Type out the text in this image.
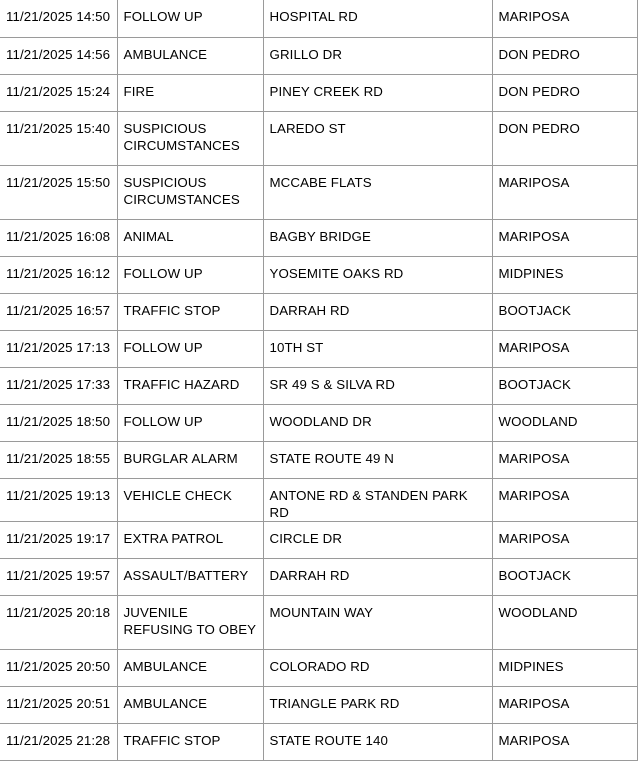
11/21/2025 14:50	FOLLOW UP	HOSPITAL RD	MARIPOSA
11/21/2025 14:56	AMBULANCE	GRILLO DR	DON PEDRO
11/21/2025 15:24	FIRE	PINEY CREEK RD	DON PEDRO
11/21/2025 15:40	SUSPICIOUS CIRCUMSTANCES	LAREDO ST	DON PEDRO
11/21/2025 15:50	SUSPICIOUS CIRCUMSTANCES	MCCABE FLATS	MARIPOSA
11/21/2025 16:08	ANIMAL	BAGBY BRIDGE	MARIPOSA
11/21/2025 16:12	FOLLOW UP	YOSEMITE OAKS RD	MIDPINES
11/21/2025 16:57	TRAFFIC STOP	DARRAH RD	BOOTJACK
11/21/2025 17:13	FOLLOW UP	10TH ST	MARIPOSA
11/21/2025 17:33	TRAFFIC HAZARD	SR 49 S & SILVA RD	BOOTJACK
11/21/2025 18:50	FOLLOW UP	WOODLAND DR	WOODLAND
11/21/2025 18:55	BURGLAR ALARM	STATE ROUTE 49 N	MARIPOSA
11/21/2025 19:13	VEHICLE CHECK	ANTONE RD & STANDEN PARK RD	MARIPOSA
11/21/2025 19:17	EXTRA PATROL	CIRCLE DR	MARIPOSA
11/21/2025 19:57	ASSAULT/BATTERY	DARRAH RD	BOOTJACK
11/21/2025 20:18	JUVENILE REFUSING TO OBEY	MOUNTAIN WAY	WOODLAND
11/21/2025 20:50	AMBULANCE	COLORADO RD	MIDPINES
11/21/2025 20:51	AMBULANCE	TRIANGLE PARK RD	MARIPOSA
11/21/2025 21:28	TRAFFIC STOP	STATE ROUTE 140	MARIPOSA
